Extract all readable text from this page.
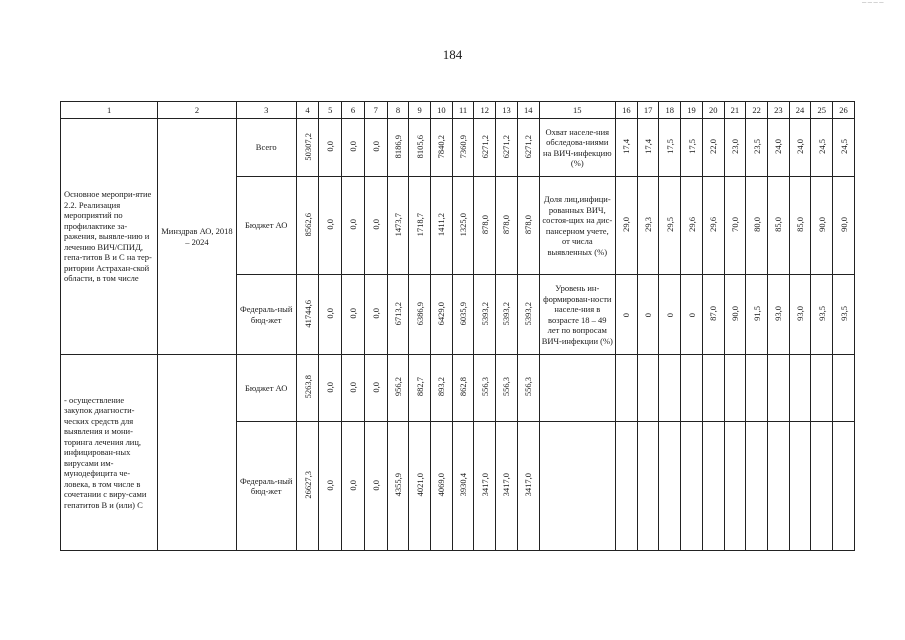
─ ─ ─ ─
184
1	2	3	4	5	6	7	8	9	10	11	12	13	14	15	16	17	18	19	20	21	22	23	24	25	26
Основное меропри-ятие 2.2. Реализация мероприятий по профилактике за-ражения, выявле-нию и лечению ВИЧ/СПИД, гепа-титов В и С на тер-ритории Астрахан-ской области, в том числе	Минздрав АО, 2018 – 2024	Всего	50307,2	0,0	0,0	0,0	8186,9	8105,6	7840,2	7360,9	6271,2	6271,2	6271,2	Охват населе-ния обследова-ниями на ВИЧ-инфекцию (%)	17,4	17,4	17,5	17,5	22,0	23,0	23,5	24,0	24,0	24,5	24,5
		Бюджет АО	8562,6	0,0	0,0	0,0	1473,7	1718,7	1411,2	1325,0	878,0	878,0	878,0	Доля лиц,инфици-рованных ВИЧ, состоя-щих на дис-пансерном учете, от числа выявленных (%)	29,0	29,3	29,5	29,6	29,6	70,0	80,0	85,0	85,0	90,0	90,0
		Федераль-ный бюд-жет	41744,6	0,0	0,0	0,0	6713,2	6386,9	6429,0	6035,9	5393,2	5393,2	5393,2	Уровень ин-формирован-ности населе-ния в возрасте 18 – 49 лет по вопросам ВИЧ-инфекции (%)	0	0	0	0	87,0	90,0	91,5	93,0	93,0	93,5	93,5
- осуществление закупок диагности-ческих средств для выявления и мони-торинга лечения лиц, инфицирован-ных вирусами им-мунодефицита че-ловека, в том числе в сочетании с виру-сами гепатитов В и (или) С		Бюджет АО	5263,8	0,0	0,0	0,0	956,2	882,7	893,2	862,8	556,3	556,3	556,3												
		Федераль-ный бюд-жет	26627,3	0,0	0,0	0,0	4355,9	4021,0	4069,0	3930,4	3417,0	3417,0	3417,0												
